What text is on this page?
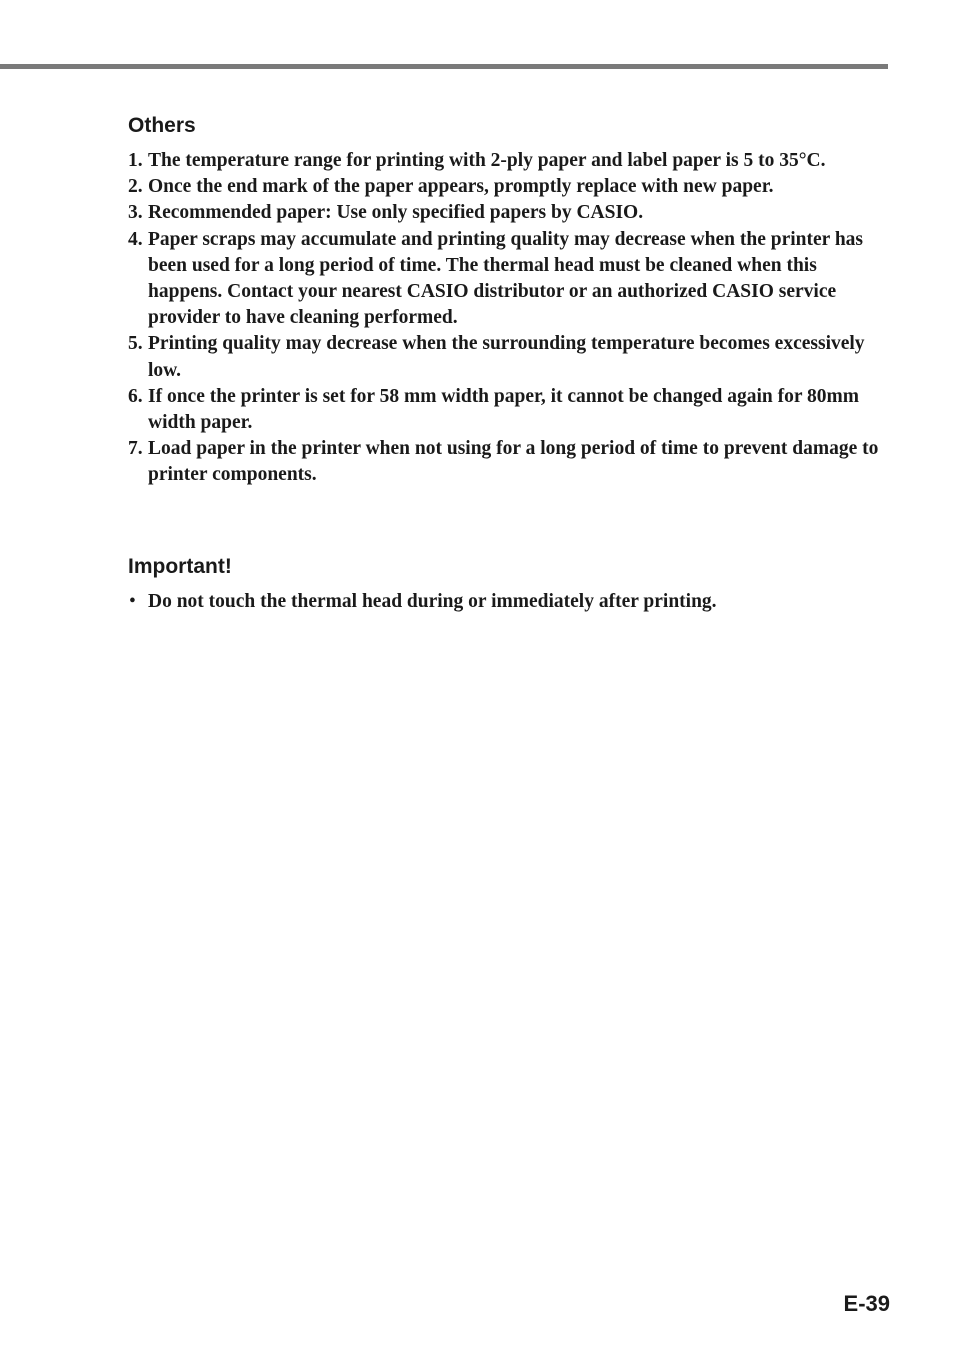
Others
1. The temperature range for printing with 2-ply paper and label paper is 5 to 35°C.
2. Once the end mark of the paper appears, promptly replace with new paper.
3. Recommended paper: Use only specified papers by CASIO.
4. Paper scraps may accumulate and printing quality may decrease when the printer has been used for a long period of time. The thermal head must be cleaned when this happens. Contact your nearest CASIO distributor or an authorized CASIO service provider to have cleaning performed.
5. Printing quality may decrease when the surrounding temperature becomes excessively low.
6. If once the printer is set for 58 mm width paper, it cannot be changed again for 80mm width paper.
7. Load paper in the printer when not using for a long period of time to prevent damage to printer components.
Important!
• Do not touch the thermal head during or immediately after printing.
E-39
